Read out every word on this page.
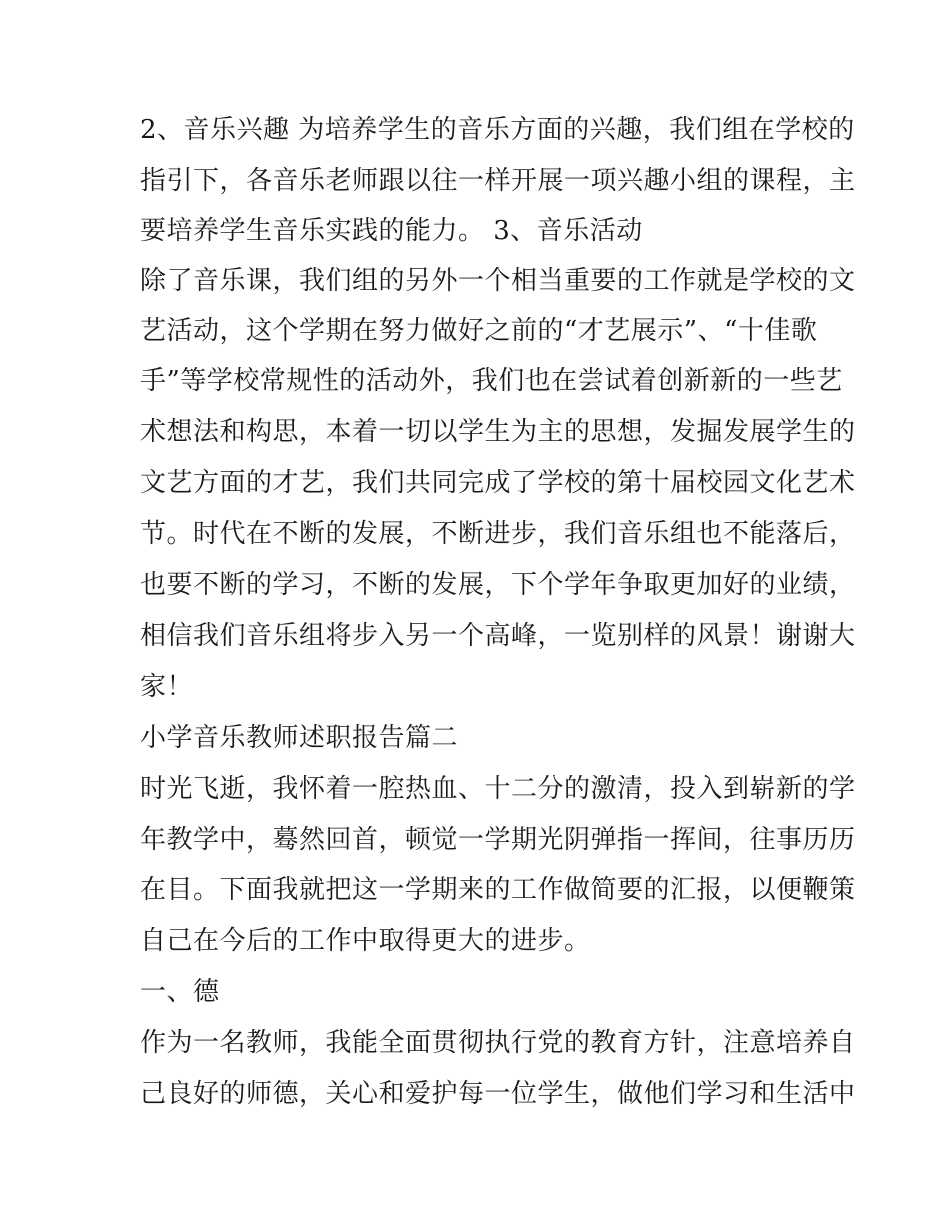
2、音乐兴趣 为培养学生的音乐方面的兴趣，我们组在学校的
指引下，各音乐老师跟以往一样开展一项兴趣小组的课程，主
要培养学生音乐实践的能力。 3、音乐活动
除了音乐课，我们组的另外一个相当重要的工作就是学校的文
艺活动，这个学期在努力做好之前的“才艺展示”、“十佳歌
手”等学校常规性的活动外，我们也在尝试着创新新的一些艺
术想法和构思，本着一切以学生为主的思想，发掘发展学生的
文艺方面的才艺，我们共同完成了学校的第十届校园文化艺术
节。时代在不断的发展，不断进步，我们音乐组也不能落后，
也要不断的学习，不断的发展，下个学年争取更加好的业绩，
相信我们音乐组将步入另一个高峰，一览别样的风景！谢谢大
家！
小学音乐教师述职报告篇二
时光飞逝，我怀着一腔热血、十二分的激清，投入到崭新的学
年教学中，蓦然回首，顿觉一学期光阴弹指一挥间，往事历历
在目。下面我就把这一学期来的工作做简要的汇报，以便鞭策
自己在今后的工作中取得更大的进步。
一、德
作为一名教师，我能全面贯彻执行党的教育方针，注意培养自
己良好的师德，关心和爱护每一位学生，做他们学习和生活中
